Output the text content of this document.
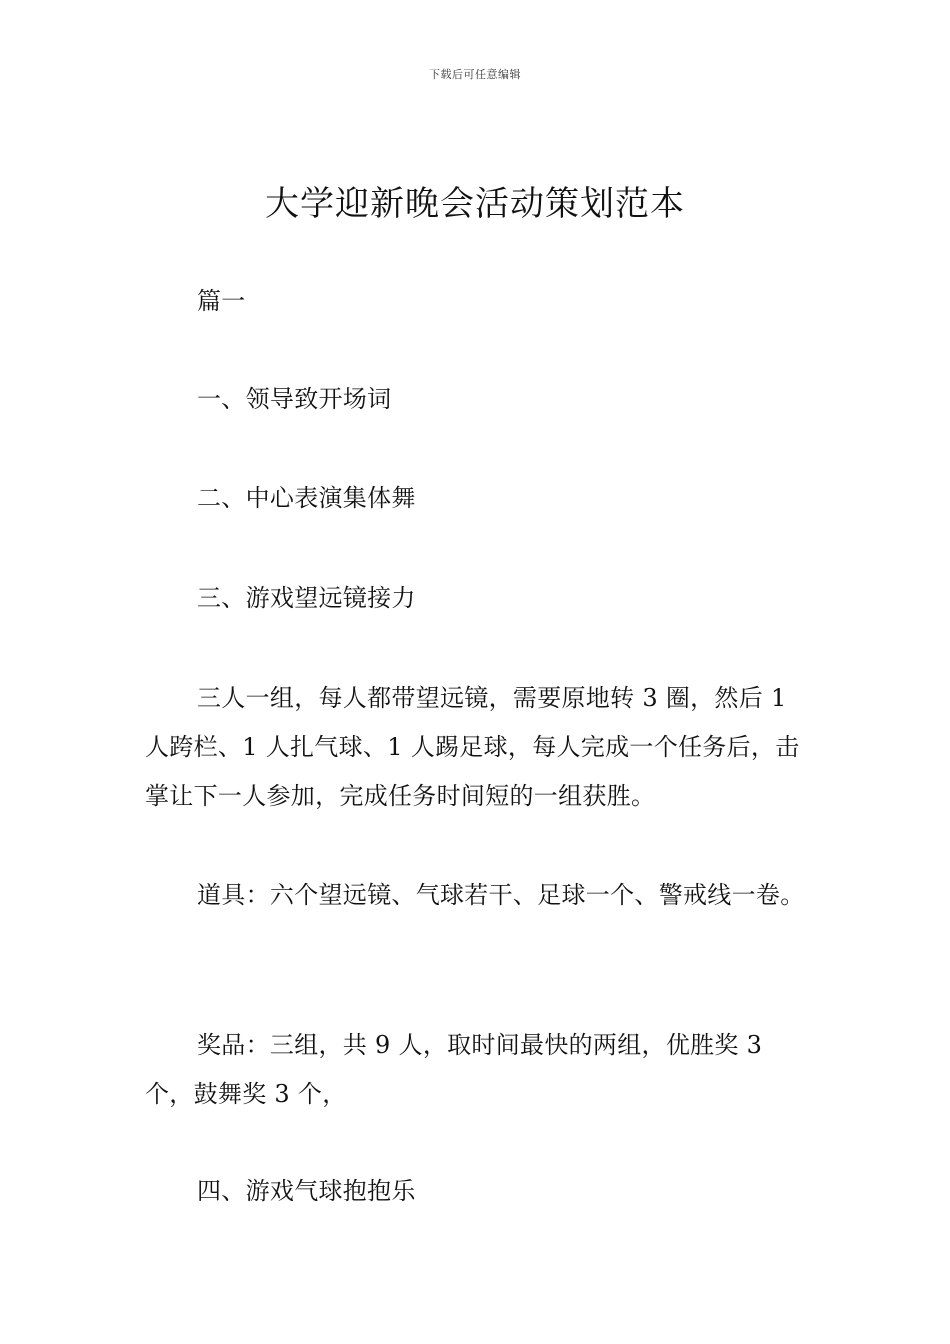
下载后可任意编辑
大学迎新晚会活动策划范本

篇一

一、领导致开场词

二、中心表演集体舞

三、游戏望远镜接力

三人一组，每人都带望远镜，需要原地转 3 圈，然后 1 人跨栏、1 人扎气球、1 人踢足球，每人完成一个任务后，击掌让下一人参加，完成任务时间短的一组获胜。

道具：六个望远镜、气球若干、足球一个、警戒线一卷。

奖品：三组，共 9 人，取时间最快的两组，优胜奖 3 个，鼓舞奖 3 个，

四、游戏气球抱抱乐
